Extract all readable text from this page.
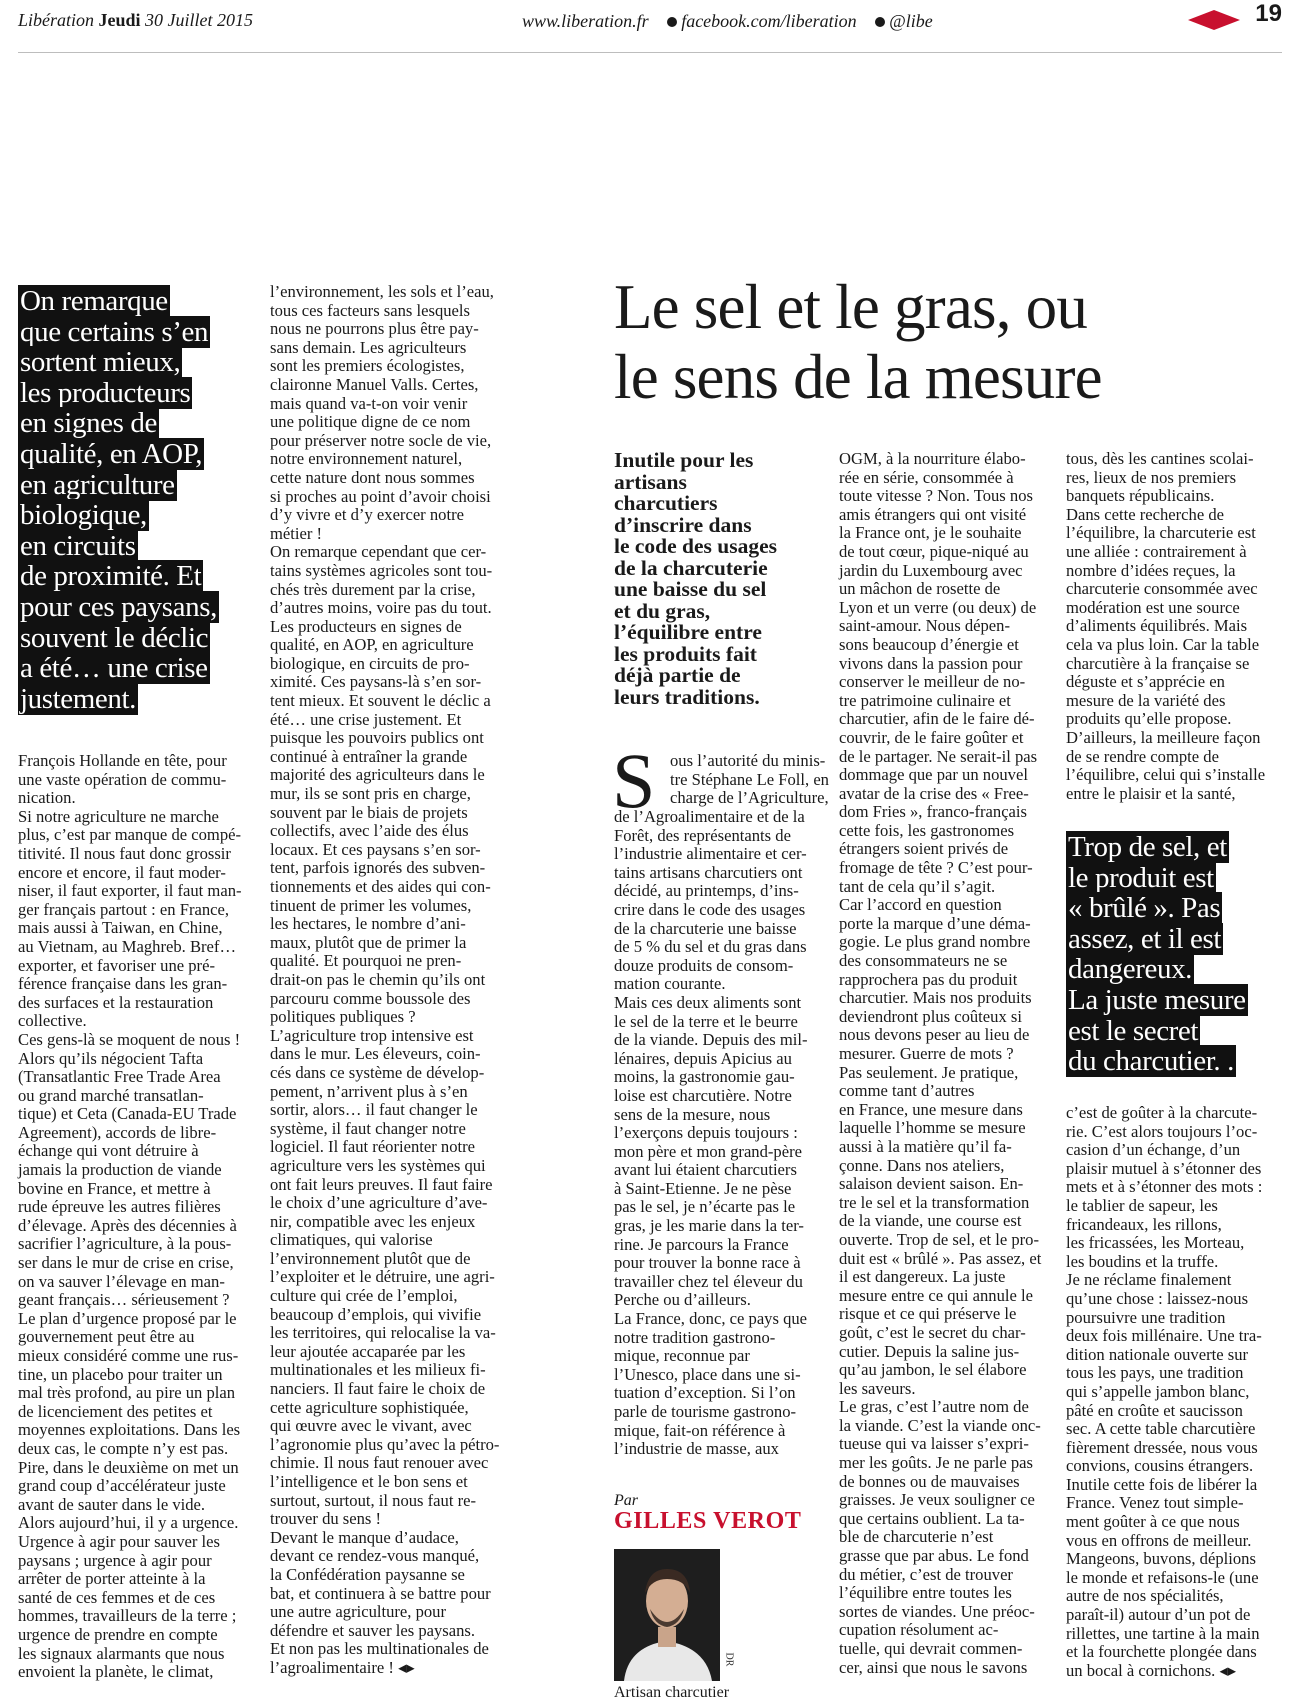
Libération Jeudi 30 Juillet 2015	www.liberation.fr facebook.com/liberation @libe	19
On remarque
que certains s’en
sortent mieux,
les producteurs
en signes de
qualité, en AOP,
en agriculture
biologique,
en circuits
de proximité. Et
pour ces paysans,
souvent le déclic
a été… une crise
justement.
François Hollande en tête, pour
une vaste opération de commu-
nication.
Si notre agriculture ne marche
plus, c’est par manque de compé-
titivité. Il nous faut donc grossir
encore et encore, il faut moder-
niser, il faut exporter, il faut man-
ger français partout : en France,
mais aussi à Taiwan, en Chine,
au Vietnam, au Maghreb. Bref…
exporter, et favoriser une pré-
férence française dans les gran-
des surfaces et la restauration
collective.
Ces gens-là se moquent de nous !
Alors qu’ils négocient Tafta
(Transatlantic Free Trade Area
ou grand marché transatlan-
tique) et Ceta (Canada-EU Trade
Agreement), accords de libre-
échange qui vont détruire à
jamais la production de viande
bovine en France, et mettre à
rude épreuve les autres filières
d’élevage. Après des décennies à
sacrifier l’agriculture, à la pous-
ser dans le mur de crise en crise,
on va sauver l’élevage en man-
geant français… sérieusement ?
Le plan d’urgence proposé par le
gouvernement peut être au
mieux considéré comme une rus-
tine, un placebo pour traiter un
mal très profond, au pire un plan
de licenciement des petites et
moyennes exploitations. Dans les
deux cas, le compte n’y est pas.
Pire, dans le deuxième on met un
grand coup d’accélérateur juste
avant de sauter dans le vide.
Alors aujourd’hui, il y a urgence.
Urgence à agir pour sauver les
paysans ; urgence à agir pour
arrêter de porter atteinte à la
santé de ces femmes et de ces
hommes, travailleurs de la terre ;
urgence de prendre en compte
les signaux alarmants que nous
envoient la planète, le climat,
l’environnement, les sols et l’eau,
tous ces facteurs sans lesquels
nous ne pourrons plus être pay-
sans demain. Les agriculteurs
sont les premiers écologistes,
claironne Manuel Valls. Certes,
mais quand va-t-on voir venir
une politique digne de ce nom
pour préserver notre socle de vie,
notre environnement naturel,
cette nature dont nous sommes
si proches au point d’avoir choisi
d’y vivre et d’y exercer notre
métier !
On remarque cependant que cer-
tains systèmes agricoles sont tou-
chés très durement par la crise,
d’autres moins, voire pas du tout.
Les producteurs en signes de
qualité, en AOP, en agriculture
biologique, en circuits de pro-
ximité. Ces paysans-là s’en sor-
tent mieux. Et souvent le déclic a
été… une crise justement. Et
puisque les pouvoirs publics ont
continué à entraîner la grande
majorité des agriculteurs dans le
mur, ils se sont pris en charge,
souvent par le biais de projets
collectifs, avec l’aide des élus
locaux. Et ces paysans s’en sor-
tent, parfois ignorés des subven-
tionnements et des aides qui con-
tinuent de primer les volumes,
les hectares, le nombre d’ani-
maux, plutôt que de primer la
qualité. Et pourquoi ne pren-
drait-on pas le chemin qu’ils ont
parcouru comme boussole des
politiques publiques ?
L’agriculture trop intensive est
dans le mur. Les éleveurs, coin-
cés dans ce système de dévelop-
pement, n’arrivent plus à s’en
sortir, alors… il faut changer le
système, il faut changer notre
logiciel. Il faut réorienter notre
agriculture vers les systèmes qui
ont fait leurs preuves. Il faut faire
le choix d’une agriculture d’ave-
nir, compatible avec les enjeux
climatiques, qui valorise
l’environnement plutôt que de
l’exploiter et le détruire, une agri-
culture qui crée de l’emploi,
beaucoup d’emplois, qui vivifie
les territoires, qui relocalise la va-
leur ajoutée accaparée par les
multinationales et les milieux fi-
nanciers. Il faut faire le choix de
cette agriculture sophistiquée,
qui œuvre avec le vivant, avec
l’agronomie plus qu’avec la pétro-
chimie. Il nous faut renouer avec
l’intelligence et le bon sens et
surtout, surtout, il nous faut re-
trouver du sens !
Devant le manque d’audace,
devant ce rendez-vous manqué,
la Confédération paysanne se
bat, et continuera à se battre pour
une autre agriculture, pour
défendre et sauver les paysans.
Et non pas les multinationales de
l’agroalimentaire ! ◂▸
Le sel et le gras, ou
le sens de la mesure
Inutile pour les
artisans
charcutiers
d’inscrire dans
le code des usages
de la charcuterie
une baisse du sel
et du gras,
l’équilibre entre
les produits fait
déjà partie de
leurs traditions.
S ous l’autorité du minis-
tre Stéphane Le Foll, en
charge de l’Agriculture,
de l’Agroalimentaire et de la
Forêt, des représentants de
l’industrie alimentaire et cer-
tains artisans charcutiers ont
décidé, au printemps, d’ins-
crire dans le code des usages
de la charcuterie une baisse
de 5 % du sel et du gras dans
douze produits de consom-
mation courante.
Mais ces deux aliments sont
le sel de la terre et le beurre
de la viande. Depuis des mil-
lénaires, depuis Apicius au
moins, la gastronomie gau-
loise est charcutière. Notre
sens de la mesure, nous
l’exerçons depuis toujours :
mon père et mon grand-père
avant lui étaient charcutiers
à Saint-Etienne. Je ne pèse
pas le sel, je n’écarte pas le
gras, je les marie dans la ter-
rine. Je parcours la France
pour trouver la bonne race à
travailler chez tel éleveur du
Perche ou d’ailleurs.
La France, donc, ce pays que
notre tradition gastrono-
mique, reconnue par
l’Unesco, place dans une si-
tuation d’exception. Si l’on
parle de tourisme gastrono-
mique, fait-on référence à
l’industrie de masse, aux
Par
GILLES VEROT
DR
Artisan charcutier
OGM, à la nourriture élabo-
rée en série, consommée à
toute vitesse ? Non. Tous nos
amis étrangers qui ont visité
la France ont, je le souhaite
de tout cœur, pique-niqué au
jardin du Luxembourg avec
un mâchon de rosette de
Lyon et un verre (ou deux) de
saint-amour. Nous dépen-
sons beaucoup d’énergie et
vivons dans la passion pour
conserver le meilleur de no-
tre patrimoine culinaire et
charcutier, afin de le faire dé-
couvrir, de le faire goûter et
de le partager. Ne serait-il pas
dommage que par un nouvel
avatar de la crise des « Free-
dom Fries », franco-français
cette fois, les gastronomes
étrangers soient privés de
fromage de tête ? C’est pour-
tant de cela qu’il s’agit.
Car l’accord en question
porte la marque d’une déma-
gogie. Le plus grand nombre
des consommateurs ne se
rapprochera pas du produit
charcutier. Mais nos produits
deviendront plus coûteux si
nous devons peser au lieu de
mesurer. Guerre de mots ?
Pas seulement. Je pratique,
comme tant d’autres
en France, une mesure dans
laquelle l’homme se mesure
aussi à la matière qu’il fa-
çonne. Dans nos ateliers,
salaison devient saison. En-
tre le sel et la transformation
de la viande, une course est
ouverte. Trop de sel, et le pro-
duit est « brûlé ». Pas assez, et
il est dangereux. La juste
mesure entre ce qui annule le
risque et ce qui préserve le
goût, c’est le secret du char-
cutier. Depuis la saline jus-
qu’au jambon, le sel élabore
les saveurs.
Le gras, c’est l’autre nom de
la viande. C’est la viande onc-
tueuse qui va laisser s’expri-
mer les goûts. Je ne parle pas
de bonnes ou de mauvaises
graisses. Je veux souligner ce
que certains oublient. La ta-
ble de charcuterie n’est
grasse que par abus. Le fond
du métier, c’est de trouver
l’équilibre entre toutes les
sortes de viandes. Une préoc-
cupation résolument ac-
tuelle, qui devrait commen-
cer, ainsi que nous le savons
tous, dès les cantines scolai-
res, lieux de nos premiers
banquets républicains.
Dans cette recherche de
l’équilibre, la charcuterie est
une alliée : contrairement à
nombre d’idées reçues, la
charcuterie consommée avec
modération est une source
d’aliments équilibrés. Mais
cela va plus loin. Car la table
charcutière à la française se
déguste et s’apprécie en
mesure de la variété des
produits qu’elle propose.
D’ailleurs, la meilleure façon
de se rendre compte de
l’équilibre, celui qui s’installe
entre le plaisir et la santé,
Trop de sel, et
le produit est
« brûlé ». Pas
assez, et il est
dangereux.
La juste mesure
est le secret
du charcutier. .
c’est de goûter à la charcute-
rie. C’est alors toujours l’oc-
casion d’un échange, d’un
plaisir mutuel à s’étonner des
mets et à s’étonner des mots :
le tablier de sapeur, les
fricandeaux, les rillons,
les fricassées, les Morteau,
les boudins et la truffe.
Je ne réclame finalement
qu’une chose : laissez-nous
poursuivre une tradition
deux fois millénaire. Une tra-
dition nationale ouverte sur
tous les pays, une tradition
qui s’appelle jambon blanc,
pâté en croûte et saucisson
sec. A cette table charcutière
fièrement dressée, nous vous
convions, cousins étrangers.
Inutile cette fois de libérer la
France. Venez tout simple-
ment goûter à ce que nous
vous en offrons de meilleur.
Mangeons, buvons, déplions
le monde et refaisons-le (une
autre de nos spécialités,
paraît-il) autour d’un pot de
rillettes, une tartine à la main
et la fourchette plongée dans
un bocal à cornichons. ◂▸
